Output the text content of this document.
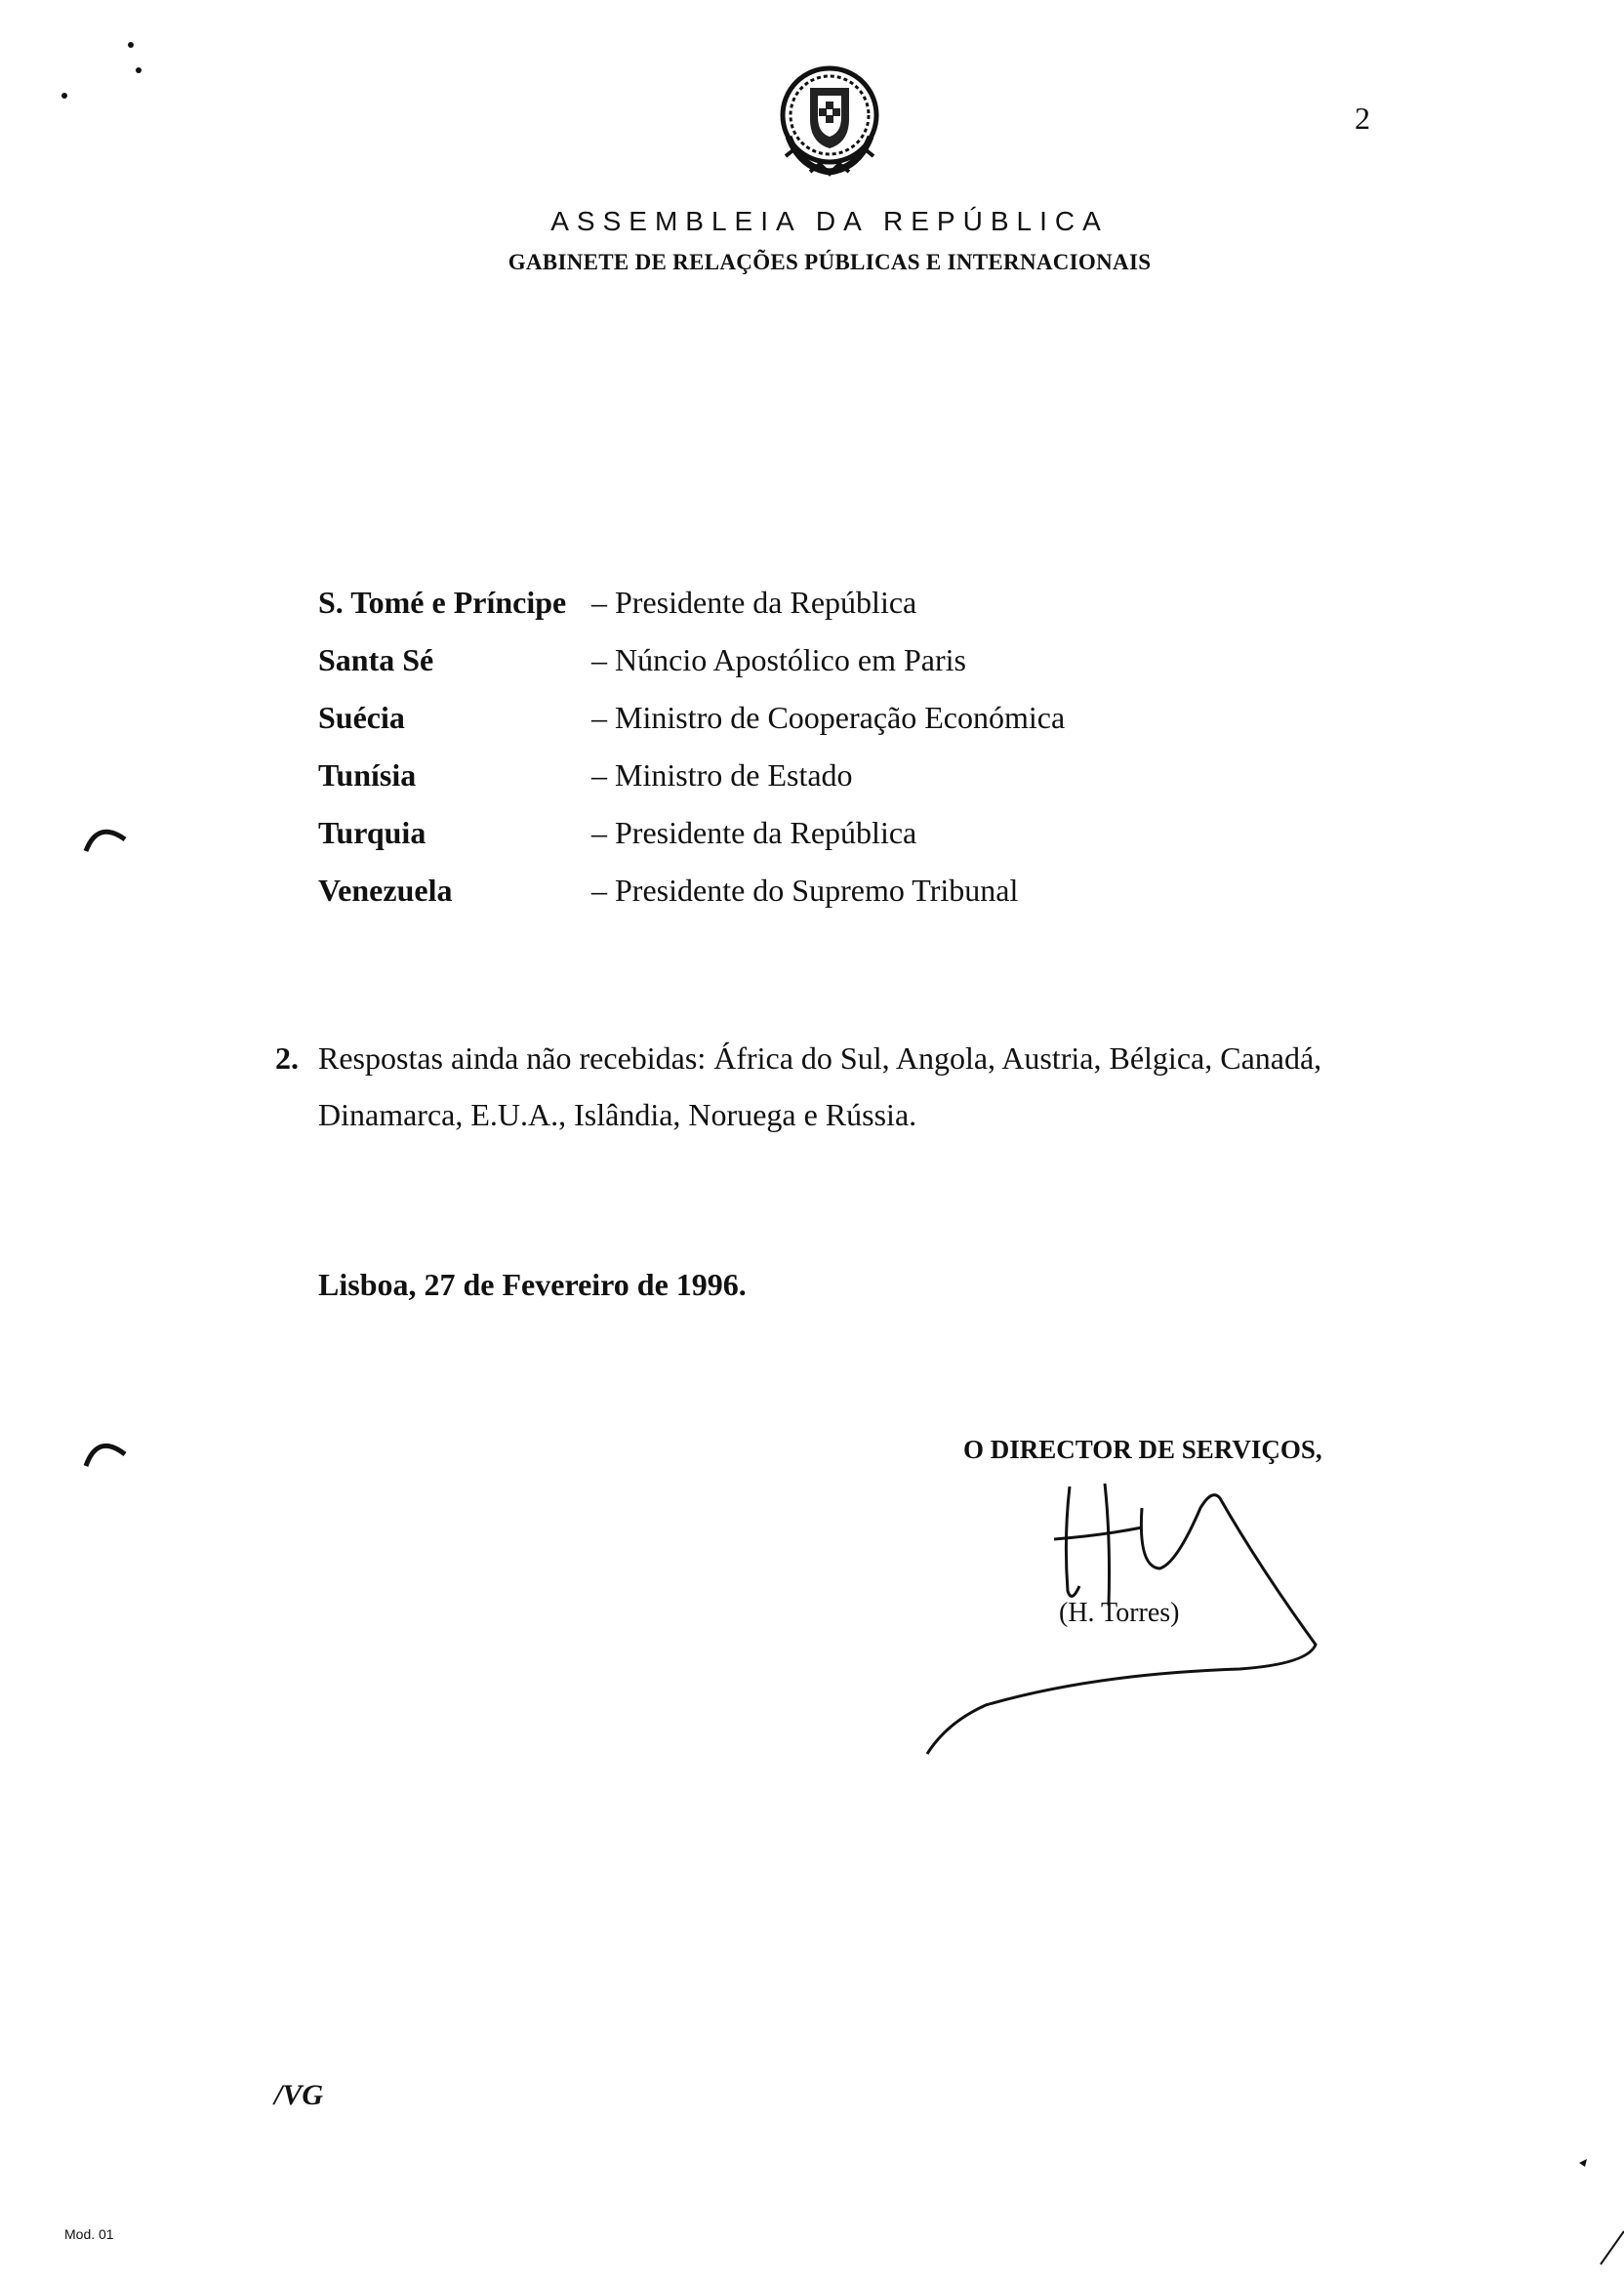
2
ASSEMBLEIA DA REPÚBLICA
GABINETE DE RELAÇÕES PÚBLICAS E INTERNACIONAIS
S. Tomé e Príncipe – Presidente da República
Santa Sé	– Núncio Apostólico em Paris
Suécia	– Ministro de Cooperação Económica
Tunísia	– Ministro de Estado
Turquia	– Presidente da República
Venezuela	– Presidente do Supremo Tribunal
2. Respostas ainda não recebidas: África do Sul, Angola, Austria, Bélgica, Canadá, Dinamarca, E.U.A., Islândia, Noruega e Rússia.
Lisboa, 27 de Fevereiro de 1996.
O DIRECTOR DE SERVIÇOS,
(H. Torres)
/VG
Mod. 01
